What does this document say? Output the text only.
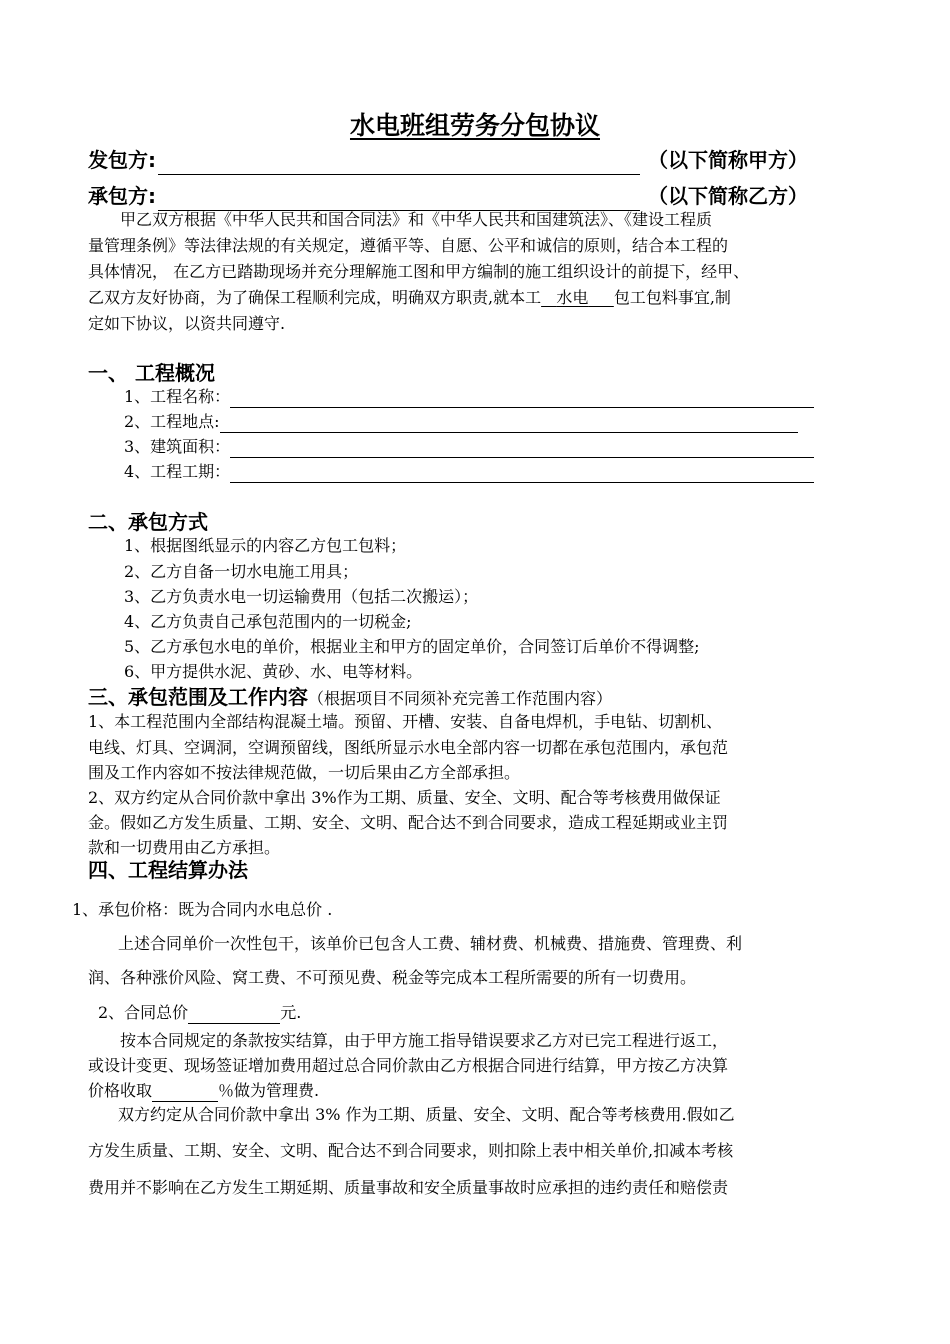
水电班组劳务分包协议
发包方:	（以下简称甲方）
承包方:	（以下简称乙方）
甲乙双方根据《中华人民共和国合同法》和《中华人民共和国建筑法》、《建设工程质
量管理条例》等法律法规的有关规定，遵循平等、自愿、公平和诚信的原则，结合本工程的
具体情况， 在乙方已踏勘现场并充分理解施工图和甲方编制的施工组织设计的前提下，经甲、
乙双方友好协商，为了确保工程顺利完成，明确双方职责,就本工 水电 包工包料事宜,制
定如下协议，以资共同遵守.
一、 工程概况
1、工程名称：
2、工程地点:
3、建筑面积：
4、工程工期：
二、承包方式
1、根据图纸显示的内容乙方包工包料；
2、乙方自备一切水电施工用具；
3、乙方负责水电一切运输费用（包括二次搬运）；
4、乙方负责自己承包范围内的一切税金;
5、乙方承包水电的单价，根据业主和甲方的固定单价，合同签订后单价不得调整;
6、甲方提供水泥、黄砂、水、电等材料。
三、承包范围及工作内容（根据项目不同须补充完善工作范围内容）
1、本工程范围内全部结构混凝土墙。预留、开槽、安装、自备电焊机，手电钻、切割机、
电线、灯具、空调洞，空调预留线，图纸所显示水电全部内容一切都在承包范围内，承包范
围及工作内容如不按法律规范做，一切后果由乙方全部承担。
2、双方约定从合同价款中拿出 3%作为工期、质量、安全、文明、配合等考核费用做保证
金。假如乙方发生质量、工期、安全、文明、配合达不到合同要求，造成工程延期或业主罚
款和一切费用由乙方承担。
四、工程结算办法
1、承包价格：既为合同内水电总价 .
上述合同单价一次性包干，该单价已包含人工费、辅材费、机械费、措施费、管理费、利
润、各种涨价风险、窝工费、不可预见费、税金等完成本工程所需要的所有一切费用。
2、合同总价	元.
按本合同规定的条款按实结算，由于甲方施工指导错误要求乙方对已完工程进行返工，
或设计变更、现场签证增加费用超过总合同价款由乙方根据合同进行结算，甲方按乙方决算
价格收取	％做为管理费.
双方约定从合同价款中拿出 3% 作为工期、质量、安全、文明、配合等考核费用.假如乙
方发生质量、工期、安全、文明、配合达不到合同要求，则扣除上表中相关单价,扣减本考核
费用并不影响在乙方发生工期延期、质量事故和安全质量事故时应承担的违约责任和赔偿责
